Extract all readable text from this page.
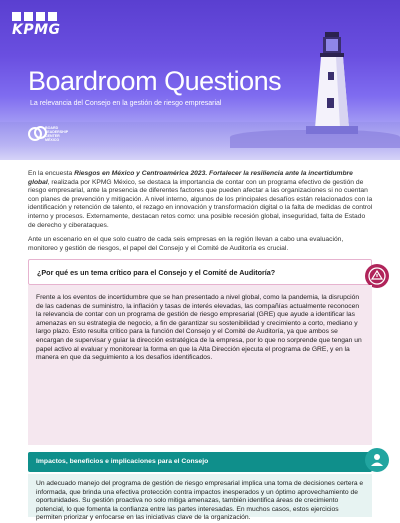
KPMG
Boardroom Questions
La relevancia del Consejo en la gestión de riesgo empresarial
BOARD
LEADERSHIP
CENTER
MÉXICO

En la encuesta Riesgos en México y Centroamérica 2023. Fortalecer la resiliencia ante la incertidumbre global, realizada por KPMG México, se destaca la importancia de contar con un programa efectivo de gestión de riesgo empresarial, ante la presencia de diferentes factores que pueden afectar a las organizaciones si no cuentan con planes de prevención y mitigación. A nivel interno, algunos de los principales desafíos están relacionados con la identificación y retención de talento, el rezago en innovación y transformación digital o la falta de medidas de control interno y procesos. Externamente, destacan retos como: una posible recesión global, inseguridad, falta de Estado de derecho y ciberataques.

Ante un escenario en el que solo cuatro de cada seis empresas en la región llevan a cabo una evaluación, monitoreo y gestión de riesgos, el papel del Consejo y el Comité de Auditoría es crucial.

¿Por qué es un tema crítico para el Consejo y el Comité de Auditoría?
Frente a los eventos de incertidumbre que se han presentado a nivel global, como la pandemia, la disrupción de las cadenas de suministro, la inflación y tasas de interés elevadas, las compañías actualmente reconocen la relevancia de contar con un programa de gestión de riesgo empresarial (GRE) que ayude a identificar las amenazas en su estrategia de negocio, a fin de garantizar su sostenibilidad y crecimiento a corto, mediano y largo plazo. Esto resulta crítico para la función del Consejo y el Comité de Auditoría, ya que ambos se encargan de supervisar y guiar la dirección estratégica de la empresa, por lo que no sorprende que tengan un papel activo al evaluar y monitorear la forma en que la Alta Dirección ejecuta el programa de GRE, y en la manera en que da seguimiento a los desafíos identificados.
Impactos, beneficios e implicaciones para el Consejo
Un adecuado manejo del programa de gestión de riesgo empresarial implica una toma de decisiones certera e informada, que brinda una efectiva protección contra impactos inesperados y un óptimo aprovechamiento de oportunidades. Su gestión proactiva no solo mitiga amenazas, también identifica áreas de crecimiento potencial, lo que fomenta la confianza entre las partes interesadas. En muchos casos, estos ejercicios permiten priorizar y enfocarse en las iniciativas clave de la organización.
